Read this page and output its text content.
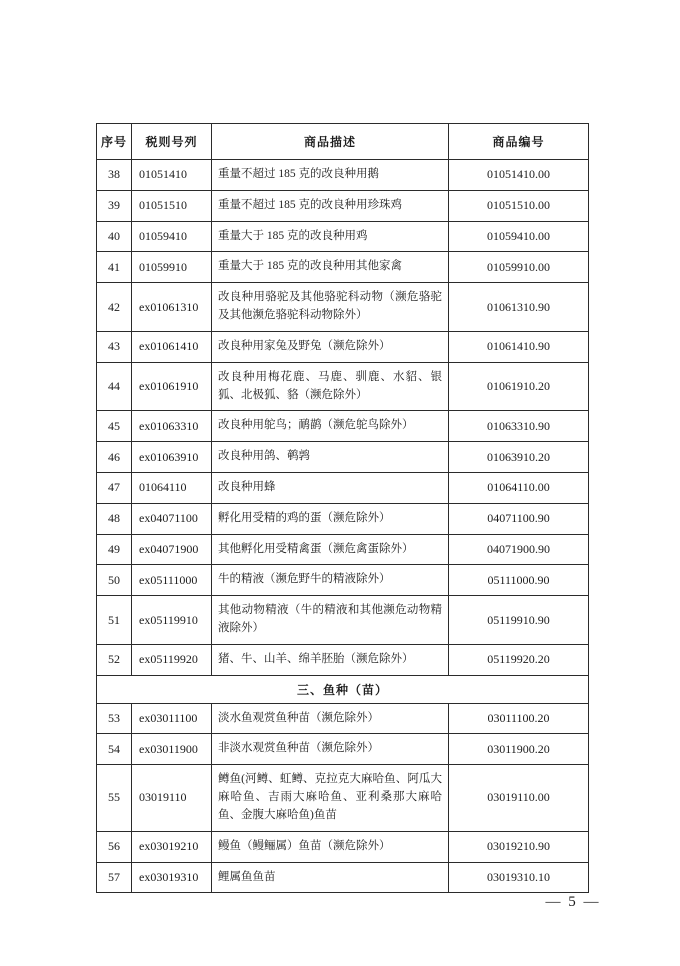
序号	税则号列	商品描述	商品编号
38	01051410	重量不超过 185 克的改良种用鹅	01051410.00
39	01051510	重量不超过 185 克的改良种用珍珠鸡	01051510.00
40	01059410	重量大于 185 克的改良种用鸡	01059410.00
41	01059910	重量大于 185 克的改良种用其他家禽	01059910.00
42	ex01061310	改良种用骆驼及其他骆驼科动物（濒危骆驼及其他濒危骆驼科动物除外）	01061310.90
43	ex01061410	改良种用家兔及野兔（濒危除外）	01061410.90
44	ex01061910	改良种用梅花鹿、马鹿、驯鹿、水貂、银狐、北极狐、貉（濒危除外）	01061910.20
45	ex01063310	改良种用鸵鸟；鸸鹋（濒危鸵鸟除外）	01063310.90
46	ex01063910	改良种用鸽、鹌鹑	01063910.20
47	01064110	改良种用蜂	01064110.00
48	ex04071100	孵化用受精的鸡的蛋（濒危除外）	04071100.90
49	ex04071900	其他孵化用受精禽蛋（濒危禽蛋除外）	04071900.90
50	ex05111000	牛的精液（濒危野牛的精液除外）	05111000.90
51	ex05119910	其他动物精液（牛的精液和其他濒危动物精液除外）	05119910.90
52	ex05119920	猪、牛、山羊、绵羊胚胎（濒危除外）	05119920.20
三、鱼种（苗）			
53	ex03011100	淡水鱼观赏鱼种苗（濒危除外）	03011100.20
54	ex03011900	非淡水观赏鱼种苗（濒危除外）	03011900.20
55	03019110	鳟鱼(河鳟、虹鳟、克拉克大麻哈鱼、阿瓜大麻哈鱼、吉雨大麻哈鱼、亚利桑那大麻哈鱼、金腹大麻哈鱼)鱼苗	03019110.00
56	ex03019210	鳗鱼（鳗鲡属）鱼苗（濒危除外）	03019210.90
57	ex03019310	鲤属鱼鱼苗	03019310.10
— 5 —
